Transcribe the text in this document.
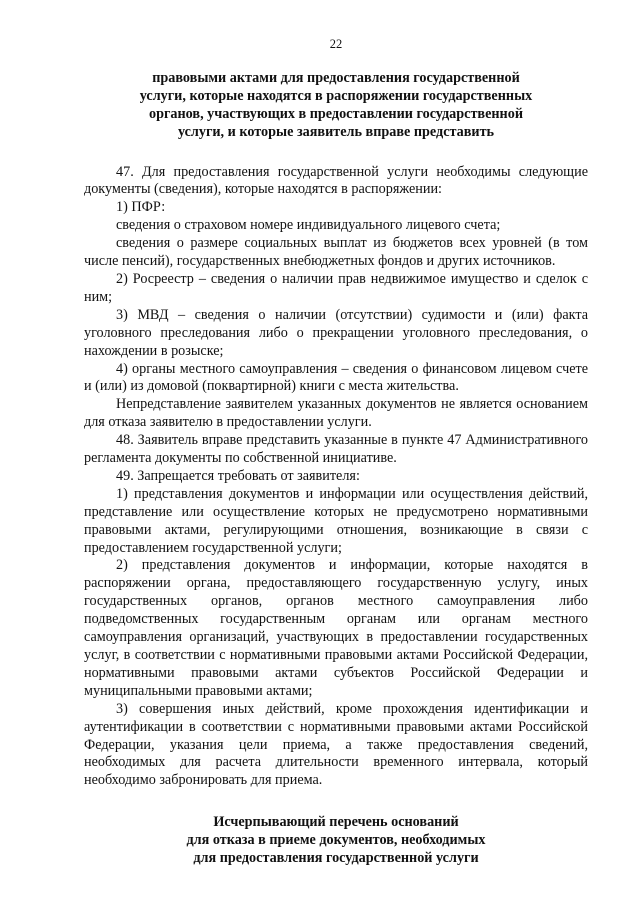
22
правовыми актами для предоставления государственной
услуги, которые находятся в распоряжении государственных
органов, участвующих в предоставлении государственной
услуги, и которые заявитель вправе представить

47. Для предоставления государственной услуги необходимы следующие документы (сведения), которые находятся в распоряжении:

1) ПФР:

сведения о страховом номере индивидуального лицевого счета;

сведения о размере социальных выплат из бюджетов всех уровней (в том числе пенсий), государственных внебюджетных фондов и других источников.

2) Росреестр – сведения о наличии прав недвижимое имущество и сделок с ним;

3) МВД – сведения о наличии (отсутствии) судимости и (или) факта уголовного преследования либо о прекращении уголовного преследования, о нахождении в розыске;

4) органы местного самоуправления – сведения о финансовом лицевом счете и (или) из домовой (поквартирной) книги с места жительства.

Непредставление заявителем указанных документов не является основанием для отказа заявителю в предоставлении услуги.

48. Заявитель вправе представить указанные в пункте 47 Административного регламента документы по собственной инициативе.

49. Запрещается требовать от заявителя:

1) представления документов и информации или осуществления действий, представление или осуществление которых не предусмотрено нормативными правовыми актами, регулирующими отношения, возникающие в связи с предоставлением государственной услуги;

2) представления документов и информации, которые находятся в распоряжении органа, предоставляющего государственную услугу, иных государственных органов, органов местного самоуправления либо подведомственных государственным органам или органам местного самоуправления организаций, участвующих в предоставлении государственных услуг, в соответствии с нормативными правовыми актами Российской Федерации, нормативными правовыми актами субъектов Российской Федерации и муниципальными правовыми актами;

3) совершения иных действий, кроме прохождения идентификации и аутентификации в соответствии с нормативными правовыми актами Российской Федерации, указания цели приема, а также предоставления сведений, необходимых для расчета длительности временного интервала, который необходимо забронировать для приема.

Исчерпывающий перечень оснований
для отказа в приеме документов, необходимых
для предоставления государственной услуги
